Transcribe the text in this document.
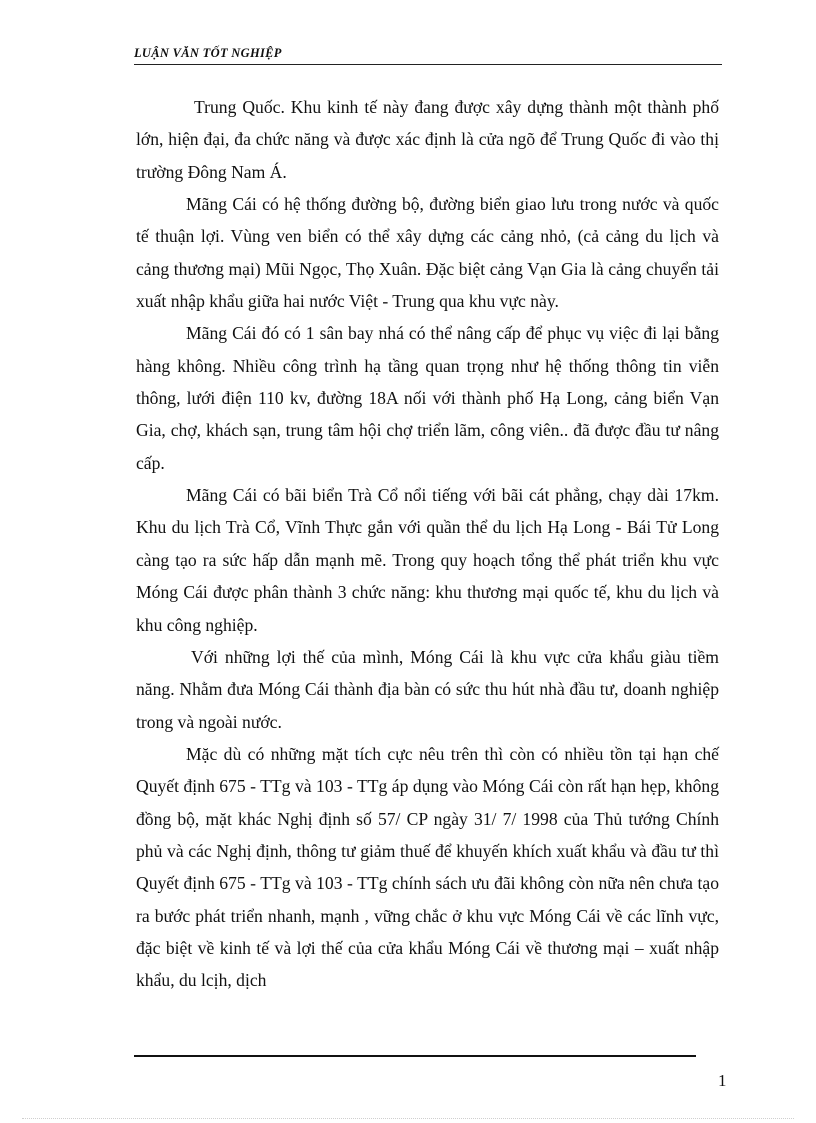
LUẬN VĂN TỐT NGHIỆP

Trung Quốc. Khu kinh tế này đang được xây dựng thành một thành phố lớn, hiện đại, đa chức năng và được xác định là cửa ngõ để Trung Quốc đi vào thị trường Đông Nam Á.

Mãng Cái có hệ thống đường bộ, đường biển giao lưu trong nước và quốc tế thuận lợi. Vùng ven biển có thể xây dựng các cảng nhỏ, (cả cảng du lịch và cảng thương mại) Mũi Ngọc, Thọ Xuân. Đặc biệt cảng Vạn Gia là cảng chuyển tải xuất nhập khẩu giữa hai nước Việt - Trung qua khu vực này.

Mãng Cái đó có 1 sân bay nhá có thể nâng cấp để phục vụ việc đi lại bằng hàng không. Nhiều công trình hạ tầng quan trọng như hệ thống thông tin viễn thông, lưới điện 110 kv, đường 18A nối với thành phố Hạ Long, cảng biển Vạn Gia, chợ, khách sạn, trung tâm hội chợ triển lãm, công viên.. đã được đầu tư nâng cấp.

Mãng Cái có bãi biển Trà Cổ nổi tiếng với bãi cát phẳng, chạy dài 17km. Khu du lịch Trà Cổ, Vĩnh Thực gắn với quần thể du lịch Hạ Long - Bái Tử Long càng tạo ra sức hấp dẫn mạnh mẽ. Trong quy hoạch tổng thể phát triển khu vực Móng Cái được phân thành 3 chức năng: khu thương mại quốc tế, khu du lịch và khu công nghiệp.

Với những lợi thế của mình, Móng Cái là khu vực cửa khẩu giàu tiềm năng. Nhằm đưa Móng Cái thành địa bàn có sức thu hút nhà đầu tư, doanh nghiệp trong và ngoài nước.

Mặc dù có những mặt tích cực nêu trên thì còn có nhiều tồn tại hạn chế Quyết định 675 - TTg và 103 - TTg áp dụng vào Móng Cái còn rất hạn hẹp, không đồng bộ, mặt khác Nghị định số 57/ CP ngày 31/ 7/ 1998 của Thủ tướng Chính phủ và các Nghị định, thông tư giảm thuế để khuyến khích xuất khẩu và đầu tư thì Quyết định 675 - TTg và 103 - TTg chính sách ưu đãi không còn nữa nên chưa tạo ra bước phát triển nhanh, mạnh , vững chắc ở khu vực Móng Cái về các lĩnh vực, đặc biệt về kinh tế và lợi thế của cửa khẩu Móng Cái về thương mại – xuất nhập khẩu, du lcịh, dịch

1
